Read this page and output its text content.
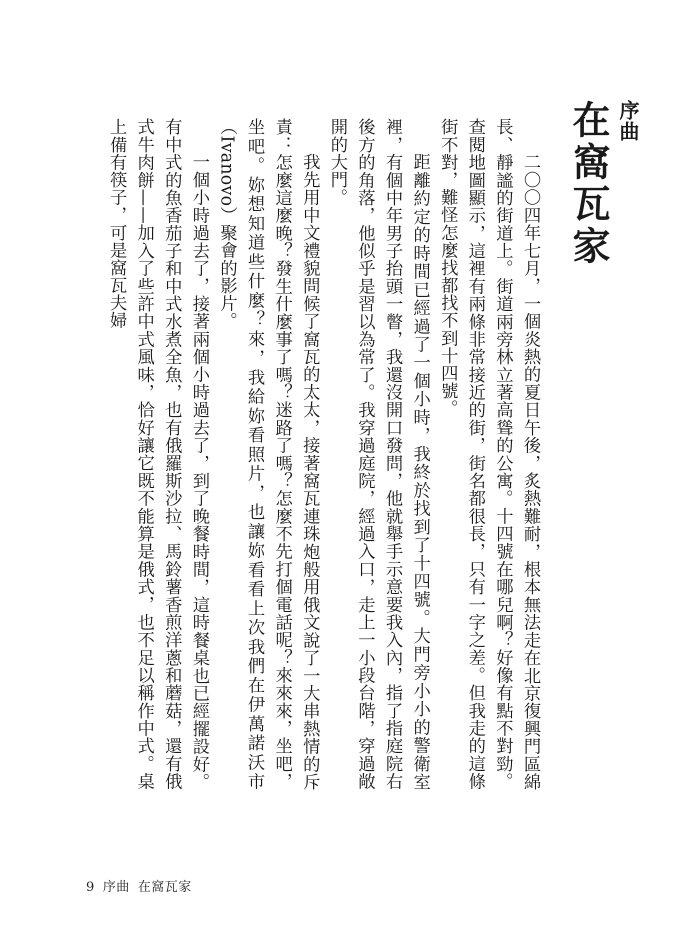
序曲
在窩瓦家

二〇〇四年七月，一個炎熱的夏日午後，炙熱難耐，根本無法走在北京復興門區綿長、靜謐的街道上。街道兩旁林立著高聳的公寓。十四號在哪兒啊？好像有點不對勁。查閱地圖顯示，這裡有兩條非常接近的街，街名都很長，只有一字之差。但我走的這條街不對，難怪怎麼找都找不到十四號。

距離約定的時間已經過了一個小時，我終於找到了十四號。大門旁小小的警衛室裡，有個中年男子抬頭一瞥，我還沒開口發問，他就舉手示意要我入內，指了指庭院右後方的角落，他似乎是習以為常了。我穿過庭院，經過入口，走上一小段台階，穿過敞開的大門。

我先用中文禮貌問候了窩瓦的太太，接著窩瓦連珠炮般用俄文說了一大串熱情的斥責：怎麼這麼晚？發生什麼事了嗎？迷路了嗎？怎麼不先打個電話呢？來來來，坐吧，坐吧。妳想知道些什麼？來，我給妳看照片，也讓妳看看上次我們在伊萬諾沃市（Ivanovo）聚會的影片。

一個小時過去了，接著兩個小時過去了，到了晚餐時間，這時餐桌也已經擺設好。有中式的魚香茄子和中式水煮全魚，也有俄羅斯沙拉、馬鈴薯香煎洋蔥和蘑菇，還有俄式牛肉餅——加入了些許中式風味，恰好讓它既不能算是俄式，也不足以稱作中式。桌上備有筷子，可是窩瓦夫婦

9 序曲 在窩瓦家
